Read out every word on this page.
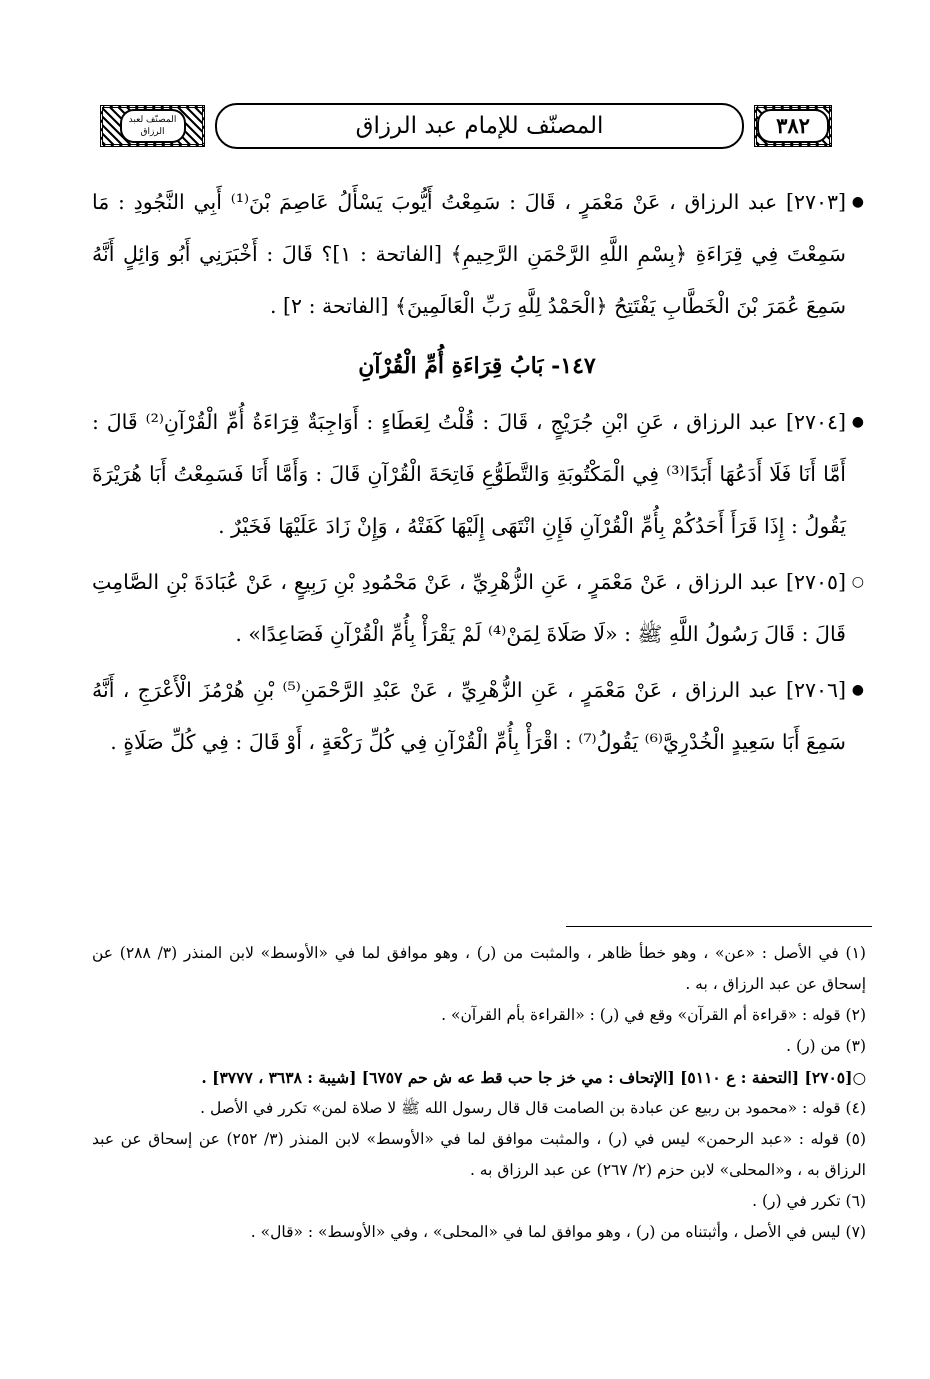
المصنّف لعبد الرزاق	المصنّف للإمام عبد الرزاق	٣٨٢

●
[٢٧٠٣] عبد الرزاق ، عَنْ مَعْمَرٍ ، قَالَ : سَمِعْتُ أَيُّوبَ يَسْأَلُ عَاصِمَ بْنَ⁽¹⁾ أَبِي النَّجُودِ : مَا سَمِعْتَ فِي قِرَاءَةِ ﴿بِسْمِ اللَّهِ الرَّحْمَنِ الرَّحِيمِ﴾ [الفاتحة : ١]؟ قَالَ : أَخْبَرَنِي أَبُو وَائِلٍ أَنَّهُ سَمِعَ عُمَرَ بْنَ الْخَطَّابِ يَفْتَتِحُ ﴿الْحَمْدُ لِلَّهِ رَبِّ الْعَالَمِينَ﴾ [الفاتحة : ٢] .

١٤٧- بَابُ قِرَاءَةِ أُمِّ الْقُرْآنِ

●
[٢٧٠٤] عبد الرزاق ، عَنِ ابْنِ جُرَيْجٍ ، قَالَ : قُلْتُ لِعَطَاءٍ : أَوَاجِبَةٌ قِرَاءَةُ أُمِّ الْقُرْآنِ⁽²⁾ قَالَ : أَمَّا أَنَا فَلَا أَدَعُهَا أَبَدًا⁽³⁾ فِي الْمَكْتُوبَةِ وَالتَّطَوُّعِ فَاتِحَةَ الْقُرْآنِ قَالَ : وَأَمَّا أَنَا فَسَمِعْتُ أَبَا هُرَيْرَةَ يَقُولُ : إِذَا قَرَأَ أَحَدُكُمْ بِأُمِّ الْقُرْآنِ فَإِنِ انْتَهَى إِلَيْهَا كَفَتْهُ ، وَإِنْ زَادَ عَلَيْهَا فَخَيْرٌ .

○
[٢٧٠٥] عبد الرزاق ، عَنْ مَعْمَرٍ ، عَنِ الزُّهْرِيِّ ، عَنْ مَحْمُودِ بْنِ رَبِيعٍ ، عَنْ عُبَادَةَ بْنِ الصَّامِتِ قَالَ : قَالَ رَسُولُ اللَّهِ ﷺ : «لَا صَلَاةَ لِمَنْ⁽⁴⁾ لَمْ يَقْرَأْ بِأُمِّ الْقُرْآنِ فَصَاعِدًا» .

●
[٢٧٠٦] عبد الرزاق ، عَنْ مَعْمَرٍ ، عَنِ الزُّهْرِيِّ ، عَنْ عَبْدِ الرَّحْمَنِ⁽⁵⁾ بْنِ هُرْمُزَ الْأَعْرَجِ ، أَنَّهُ سَمِعَ أَبَا سَعِيدٍ الْخُدْرِيَّ⁽⁶⁾ يَقُولُ⁽⁷⁾ : اقْرَأْ بِأُمِّ الْقُرْآنِ فِي كُلِّ رَكْعَةٍ ، أَوْ قَالَ : فِي كُلِّ صَلَاةٍ .

(١) في الأصل : «عن» ، وهو خطأ ظاهر ، والمثبت من (ر) ، وهو موافق لما في «الأوسط» لابن المنذر (٣/ ٢٨٨) عن إسحاق عن عبد الرزاق ، به .

(٢) قوله : «قراءة أم القرآن» وقع في (ر) : «القراءة بأم القرآن» .

(٣) من (ر) .

○[٢٧٠٥] [التحفة : ع ٥١١٠] [الإتحاف : مي خز جا حب قط عه ش حم ٦٧٥٧] [شيبة : ٣٦٣٨ ، ٣٧٧٧] .

(٤) قوله : «محمود بن ربيع عن عبادة بن الصامت قال قال رسول الله ﷺ لا صلاة لمن» تكرر في الأصل .

(٥) قوله : «عبد الرحمن» ليس في (ر) ، والمثبت موافق لما في «الأوسط» لابن المنذر (٣/ ٢٥٢) عن إسحاق عن عبد الرزاق به ، و«المحلى» لابن حزم (٢/ ٢٦٧) عن عبد الرزاق به .

(٦) تكرر في (ر) .

(٧) ليس في الأصل ، وأثبتناه من (ر) ، وهو موافق لما في «المحلى» ، وفي «الأوسط» : «قال» .
